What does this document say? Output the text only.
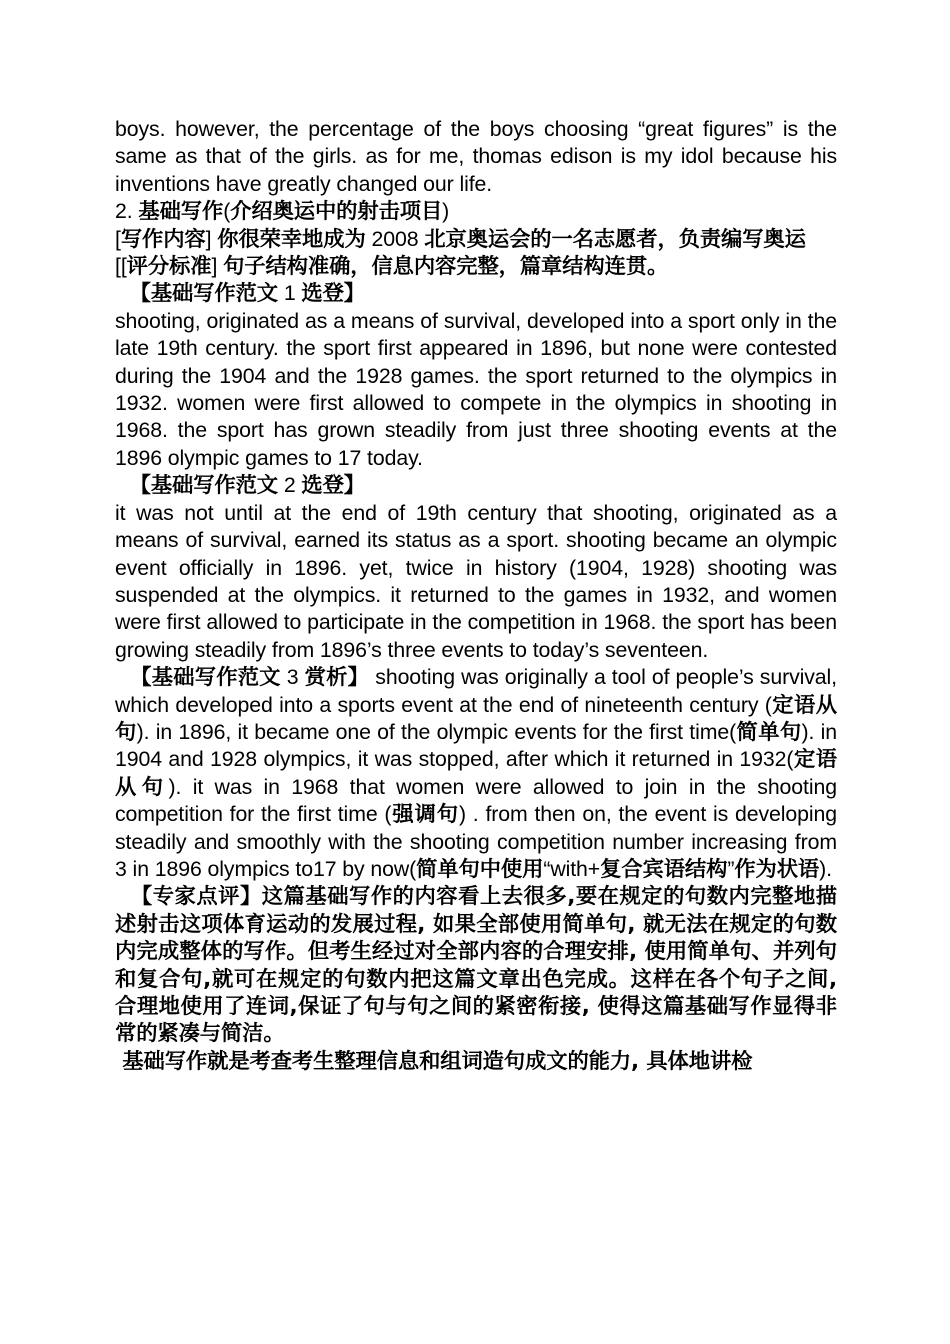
boys. however, the percentage of the boys choosing “great figures” is the same as that of the girls. as for me, thomas edison is my idol because his inventions have greatly changed our life.

2. 基础写作(介绍奥运中的射击项目)

[写作内容] 你很荣幸地成为 2008 北京奥运会的一名志愿者，负责编写奥运

[[评分标准] 句子结构准确，信息内容完整，篇章结构连贯。

【基础写作范文 1 选登】

shooting, originated as a means of survival, developed into a sport only in the late 19th century. the sport first appeared in 1896, but none were contested during the 1904 and the 1928 games. the sport returned to the olympics in 1932. women were first allowed to compete in the olympics in shooting in 1968. the sport has grown steadily from just three shooting events at the 1896 olympic games to 17 today.

【基础写作范文 2 选登】

it was not until at the end of 19th century that shooting, originated as a means of survival, earned its status as a sport. shooting became an olympic event officially in 1896. yet, twice in history (1904, 1928) shooting was suspended at the olympics. it returned to the games in 1932, and women were first allowed to participate in the competition in 1968. the sport has been growing steadily from 1896’s three events to today’s seventeen.

【基础写作范文 3 赏析】 shooting was originally a tool of people’s survival, which developed into a sports event at the end of nineteenth century (定语从句). in 1896, it became one of the olympic events for the first time(简单句). in 1904 and 1928 olympics, it was stopped, after which it returned in 1932(定语从句). it was in 1968 that women were allowed to join in the shooting competition for the first time (强调句) . from then on, the event is developing steadily and smoothly with the shooting competition number increasing from 3 in 1896 olympics to17 by now(简单句中使用“with+复合宾语结构”作为状语).

【专家点评】这篇基础写作的内容看上去很多,要在规定的句数内完整地描述射击这项体育运动的发展过程, 如果全部使用简单句, 就无法在规定的句数内完成整体的写作。但考生经过对全部内容的合理安排, 使用简单句、并列句和复合句,就可在规定的句数内把这篇文章出色完成。这样在各个句子之间, 合理地使用了连词,保证了句与句之间的紧密衔接, 使得这篇基础写作显得非常的紧凑与简洁。

基础写作就是考查考生整理信息和组词造句成文的能力, 具体地讲检
